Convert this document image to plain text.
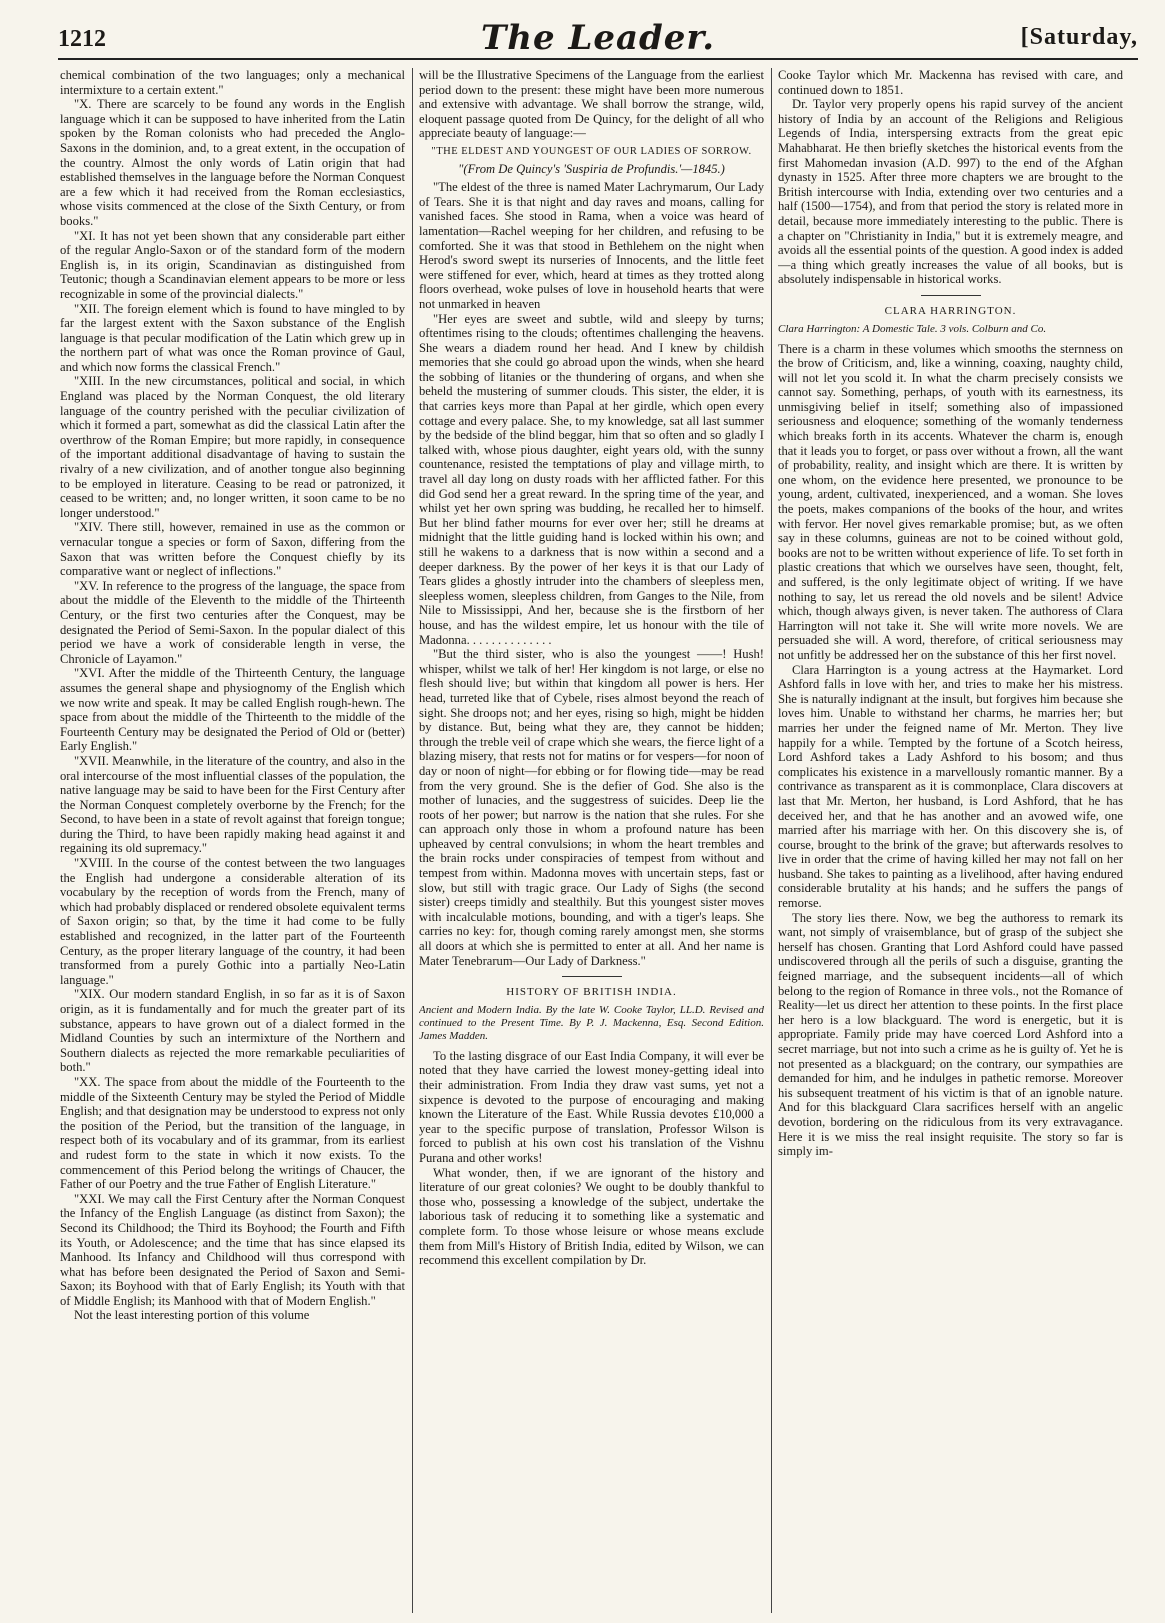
1212	The Leader.	[Saturday,

chemical combination of the two languages; only a mechanical intermixture to a certain extent."

"X. There are scarcely to be found any words in the English language which it can be supposed to have inherited from the Latin spoken by the Roman colonists who had preceded the Anglo-Saxons in the dominion, and, to a great extent, in the occupation of the country. Almost the only words of Latin origin that had established themselves in the language before the Norman Conquest are a few which it had received from the Roman ecclesiastics, whose visits commenced at the close of the Sixth Century, or from books."

"XI. It has not yet been shown that any considerable part either of the regular Anglo-Saxon or of the standard form of the modern English is, in its origin, Scandinavian as distinguished from Teutonic; though a Scandinavian element appears to be more or less recognizable in some of the provincial dialects."

"XII. The foreign element which is found to have mingled to by far the largest extent with the Saxon substance of the English language is that pecular modification of the Latin which grew up in the northern part of what was once the Roman province of Gaul, and which now forms the classical French."

"XIII. In the new circumstances, political and social, in which England was placed by the Norman Conquest, the old literary language of the country perished with the peculiar civilization of which it formed a part, somewhat as did the classical Latin after the overthrow of the Roman Empire; but more rapidly, in consequence of the important additional disadvantage of having to sustain the rivalry of a new civilization, and of another tongue also beginning to be employed in literature. Ceasing to be read or patronized, it ceased to be written; and, no longer written, it soon came to be no longer understood."

"XIV. There still, however, remained in use as the common or vernacular tongue a species or form of Saxon, differing from the Saxon that was written before the Conquest chiefly by its comparative want or neglect of inflections."

"XV. In reference to the progress of the language, the space from about the middle of the Eleventh to the middle of the Thirteenth Century, or the first two centuries after the Conquest, may be designated the Period of Semi-Saxon. In the popular dialect of this period we have a work of considerable length in verse, the Chronicle of Layamon."

"XVI. After the middle of the Thirteenth Century, the language assumes the general shape and physiognomy of the English which we now write and speak. It may be called English rough-hewn. The space from about the middle of the Thirteenth to the middle of the Fourteenth Century may be designated the Period of Old or (better) Early English."

"XVII. Meanwhile, in the literature of the country, and also in the oral intercourse of the most influential classes of the population, the native language may be said to have been for the First Century after the Norman Conquest completely overborne by the French; for the Second, to have been in a state of revolt against that foreign tongue; during the Third, to have been rapidly making head against it and regaining its old supremacy."

"XVIII. In the course of the contest between the two languages the English had undergone a considerable alteration of its vocabulary by the reception of words from the French, many of which had probably displaced or rendered obsolete equivalent terms of Saxon origin; so that, by the time it had come to be fully established and recognized, in the latter part of the Fourteenth Century, as the proper literary language of the country, it had been transformed from a purely Gothic into a partially Neo-Latin language."

"XIX. Our modern standard English, in so far as it is of Saxon origin, as it is fundamentally and for much the greater part of its substance, appears to have grown out of a dialect formed in the Midland Counties by such an intermixture of the Northern and Southern dialects as rejected the more remarkable peculiarities of both."

"XX. The space from about the middle of the Fourteenth to the middle of the Sixteenth Century may be styled the Period of Middle English; and that designation may be understood to express not only the position of the Period, but the transition of the language, in respect both of its vocabulary and of its grammar, from its earliest and rudest form to the state in which it now exists. To the commencement of this Period belong the writings of Chaucer, the Father of our Poetry and the true Father of English Literature."

"XXI. We may call the First Century after the Norman Conquest the Infancy of the English Language (as distinct from Saxon); the Second its Childhood; the Third its Boyhood; the Fourth and Fifth its Youth, or Adolescence; and the time that has since elapsed its Manhood. Its Infancy and Childhood will thus correspond with what has before been designated the Period of Saxon and Semi-Saxon; its Boyhood with that of Early English; its Youth with that of Middle English; its Manhood with that of Modern English."

Not the least interesting portion of this volume

will be the Illustrative Specimens of the Language from the earliest period down to the present: these might have been more numerous and extensive with advantage. We shall borrow the strange, wild, eloquent passage quoted from De Quincy, for the delight of all who appreciate beauty of language:—

"THE ELDEST AND YOUNGEST OF OUR LADIES OF SORROW.
"(From De Quincy's 'Suspiria de Profundis.'—1845.)

"The eldest of the three is named Mater Lachrymarum, Our Lady of Tears. She it is that night and day raves and moans, calling for vanished faces. She stood in Rama, when a voice was heard of lamentation—Rachel weeping for her children, and refusing to be comforted. She it was that stood in Bethlehem on the night when Herod's sword swept its nurseries of Innocents, and the little feet were stiffened for ever, which, heard at times as they trotted along floors overhead, woke pulses of love in household hearts that were not unmarked in heaven

"Her eyes are sweet and subtle, wild and sleepy by turns; oftentimes rising to the clouds; oftentimes challenging the heavens. She wears a diadem round her head. And I knew by childish memories that she could go abroad upon the winds, when she heard the sobbing of litanies or the thundering of organs, and when she beheld the mustering of summer clouds. This sister, the elder, it is that carries keys more than Papal at her girdle, which open every cottage and every palace. She, to my knowledge, sat all last summer by the bedside of the blind beggar, him that so often and so gladly I talked with, whose pious daughter, eight years old, with the sunny countenance, resisted the temptations of play and village mirth, to travel all day long on dusty roads with her afflicted father. For this did God send her a great reward. In the spring time of the year, and whilst yet her own spring was budding, he recalled her to himself. But her blind father mourns for ever over her; still he dreams at midnight that the little guiding hand is locked within his own; and still he wakens to a darkness that is now within a second and a deeper darkness. By the power of her keys it is that our Lady of Tears glides a ghostly intruder into the chambers of sleepless men, sleepless women, sleepless children, from Ganges to the Nile, from Nile to Mississippi, And her, because she is the firstborn of her house, and has the wildest empire, let us honour with the tile of Madonna. . . . . . . . . . . . . .

"But the third sister, who is also the youngest ——! Hush! whisper, whilst we talk of her! Her kingdom is not large, or else no flesh should live; but within that kingdom all power is hers. Her head, turreted like that of Cybele, rises almost beyond the reach of sight. She droops not; and her eyes, rising so high, might be hidden by distance. But, being what they are, they cannot be hidden; through the treble veil of crape which she wears, the fierce light of a blazing misery, that rests not for matins or for vespers—for noon of day or noon of night—for ebbing or for flowing tide—may be read from the very ground. She is the defier of God. She also is the mother of lunacies, and the suggestress of suicides. Deep lie the roots of her power; but narrow is the nation that she rules. For she can approach only those in whom a profound nature has been upheaved by central convulsions; in whom the heart trembles and the brain rocks under conspiracies of tempest from without and tempest from within. Madonna moves with uncertain steps, fast or slow, but still with tragic grace. Our Lady of Sighs (the second sister) creeps timidly and stealthily. But this youngest sister moves with incalculable motions, bounding, and with a tiger's leaps. She carries no key: for, though coming rarely amongst men, she storms all doors at which she is permitted to enter at all. And her name is Mater Tenebrarum—Our Lady of Darkness."

HISTORY OF BRITISH INDIA.
Ancient and Modern India. By the late W. Cooke Taylor, LL.D. Revised and continued to the Present Time. By P. J. Mackenna, Esq. Second Edition. James Madden.

To the lasting disgrace of our East India Company, it will ever be noted that they have carried the lowest money-getting ideal into their administration. From India they draw vast sums, yet not a sixpence is devoted to the purpose of encouraging and making known the Literature of the East. While Russia devotes £10,000 a year to the specific purpose of translation, Professor Wilson is forced to publish at his own cost his translation of the Vishnu Purana and other works!

What wonder, then, if we are ignorant of the history and literature of our great colonies? We ought to be doubly thankful to those who, possessing a knowledge of the subject, undertake the laborious task of reducing it to something like a systematic and complete form. To those whose leisure or whose means exclude them from Mill's History of British India, edited by Wilson, we can recommend this excellent compilation by Dr.

Cooke Taylor which Mr. Mackenna has revised with care, and continued down to 1851.

Dr. Taylor very properly opens his rapid survey of the ancient history of India by an account of the Religions and Religious Legends of India, interspersing extracts from the great epic Mahabharat. He then briefly sketches the historical events from the first Mahomedan invasion (A.D. 997) to the end of the Afghan dynasty in 1525. After three more chapters we are brought to the British intercourse with India, extending over two centuries and a half (1500—1754), and from that period the story is related more in detail, because more immediately interesting to the public. There is a chapter on "Christianity in India," but it is extremely meagre, and avoids all the essential points of the question. A good index is added—a thing which greatly increases the value of all books, but is absolutely indispensable in historical works.

CLARA HARRINGTON.
Clara Harrington: A Domestic Tale. 3 vols. Colburn and Co.

There is a charm in these volumes which smooths the sternness on the brow of Criticism, and, like a winning, coaxing, naughty child, will not let you scold it. In what the charm precisely consists we cannot say. Something, perhaps, of youth with its earnestness, its unmisgiving belief in itself; something also of impassioned seriousness and eloquence; something of the womanly tenderness which breaks forth in its accents. Whatever the charm is, enough that it leads you to forget, or pass over without a frown, all the want of probability, reality, and insight which are there. It is written by one whom, on the evidence here presented, we pronounce to be young, ardent, cultivated, inexperienced, and a woman. She loves the poets, makes companions of the books of the hour, and writes with fervor. Her novel gives remarkable promise; but, as we often say in these columns, guineas are not to be coined without gold, books are not to be written without experience of life. To set forth in plastic creations that which we ourselves have seen, thought, felt, and suffered, is the only legitimate object of writing. If we have nothing to say, let us reread the old novels and be silent! Advice which, though always given, is never taken. The authoress of Clara Harrington will not take it. She will write more novels. We are persuaded she will. A word, therefore, of critical seriousness may not unfitly be addressed her on the substance of this her first novel.

Clara Harrington is a young actress at the Haymarket. Lord Ashford falls in love with her, and tries to make her his mistress. She is naturally indignant at the insult, but forgives him because she loves him. Unable to withstand her charms, he marries her; but marries her under the feigned name of Mr. Merton. They live happily for a while. Tempted by the fortune of a Scotch heiress, Lord Ashford takes a Lady Ashford to his bosom; and thus complicates his existence in a marvellously romantic manner. By a contrivance as transparent as it is commonplace, Clara discovers at last that Mr. Merton, her husband, is Lord Ashford, that he has deceived her, and that he has another and an avowed wife, one married after his marriage with her. On this discovery she is, of course, brought to the brink of the grave; but afterwards resolves to live in order that the crime of having killed her may not fall on her husband. She takes to painting as a livelihood, after having endured considerable brutality at his hands; and he suffers the pangs of remorse.

The story lies there. Now, we beg the authoress to remark its want, not simply of vraisemblance, but of grasp of the subject she herself has chosen. Granting that Lord Ashford could have passed undiscovered through all the perils of such a disguise, granting the feigned marriage, and the subsequent incidents—all of which belong to the region of Romance in three vols., not the Romance of Reality—let us direct her attention to these points. In the first place her hero is a low blackguard. The word is energetic, but it is appropriate. Family pride may have coerced Lord Ashford into a secret marriage, but not into such a crime as he is guilty of. Yet he is not presented as a blackguard; on the contrary, our sympathies are demanded for him, and he indulges in pathetic remorse. Moreover his subsequent treatment of his victim is that of an ignoble nature. And for this blackguard Clara sacrifices herself with an angelic devotion, bordering on the ridiculous from its very extravagance. Here it is we miss the real insight requisite. The story so far is simply im-
